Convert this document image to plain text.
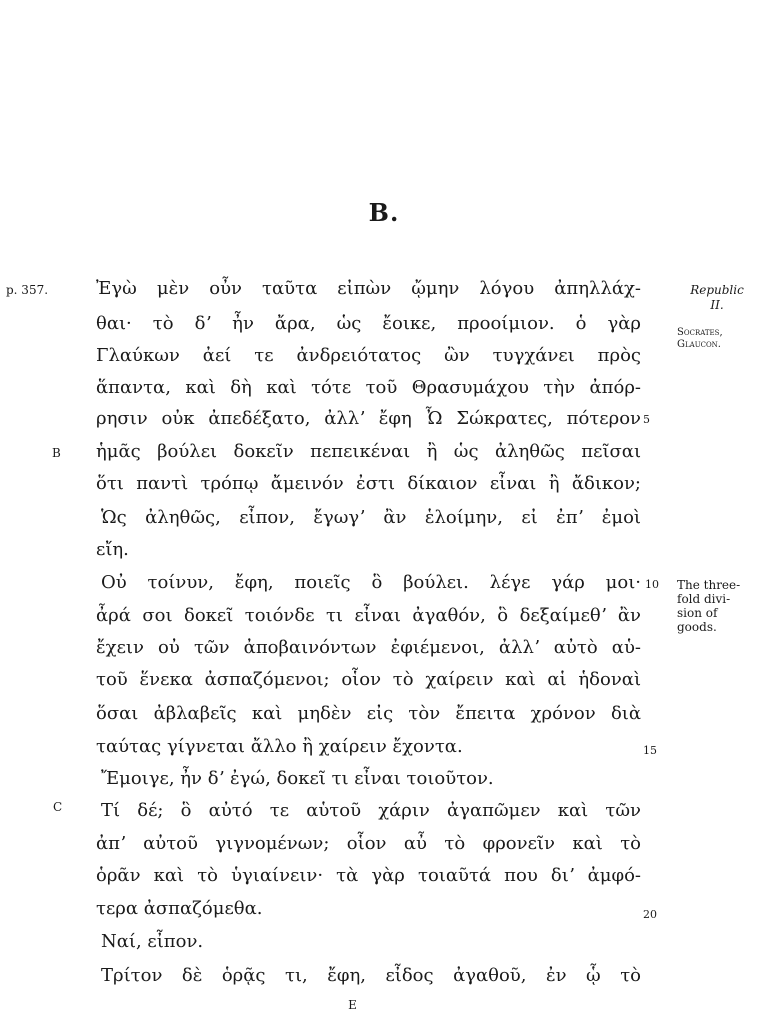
B.
p. 357.
B
C
Republic
II.
Socrates,
Glaucon.
The three-
fold divi-
sion of
goods.
5
10
15
20
Ἐγὼ μὲν οὖν ταῦτα εἰπὼν ᾤμην λόγου ἀπηλλάχ-
θαι· τὸ δʼ ἦν ἄρα, ὡς ἔοικε, προοίμιον. ὁ γὰρ
Γλαύκων ἀεί τε ἀνδρειότατος ὢν τυγχάνει πρὸς
ἅπαντα, καὶ δὴ καὶ τότε τοῦ Θρασυμάχου τὴν ἀπόρ-
ρησιν οὐκ ἀπεδέξατο, ἀλλʼ ἔφη Ὦ Σώκρατες, πότερον
ἡμᾶς βούλει δοκεῖν πεπεικέναι ἢ ὡς ἀληθῶς πεῖσαι
ὅτι παντὶ τρόπῳ ἄμεινόν ἐστι δίκαιον εἶναι ἢ ἄδικον;
Ὡς ἀληθῶς, εἶπον, ἔγωγʼ ἂν ἑλοίμην, εἰ ἐπʼ ἐμοὶ
εἴη.
Οὐ τοίνυν, ἔφη, ποιεῖς ὃ βούλει. λέγε γάρ μοι·
ἆρά σοι δοκεῖ τοιόνδε τι εἶναι ἀγαθόν, ὃ δεξαίμεθʼ ἂν
ἔχειν οὐ τῶν ἀποβαινόντων ἐφιέμενοι, ἀλλʼ αὐτὸ αὑ-
τοῦ ἕνεκα ἀσπαζόμενοι; οἷον τὸ χαίρειν καὶ αἱ ἡδοναὶ
ὅσαι ἀβλαβεῖς καὶ μηδὲν εἰς τὸν ἔπειτα χρόνον διὰ
ταύτας γίγνεται ἄλλο ἢ χαίρειν ἔχοντα.
Ἔμοιγε, ἦν δʼ ἐγώ, δοκεῖ τι εἶναι τοιοῦτον.
Τί δέ; ὃ αὐτό τε αὑτοῦ χάριν ἀγαπῶμεν καὶ τῶν
ἀπʼ αὐτοῦ γιγνομένων; οἷον αὖ τὸ φρονεῖν καὶ τὸ
ὁρᾶν καὶ τὸ ὑγιαίνειν· τὰ γὰρ τοιαῦτά που διʼ ἀμφό-
τερα ἀσπαζόμεθα.
Ναί, εἶπον.
Τρίτον δὲ ὁρᾷς τι, ἔφη, εἶδος ἀγαθοῦ, ἐν ᾧ τὸ
E
